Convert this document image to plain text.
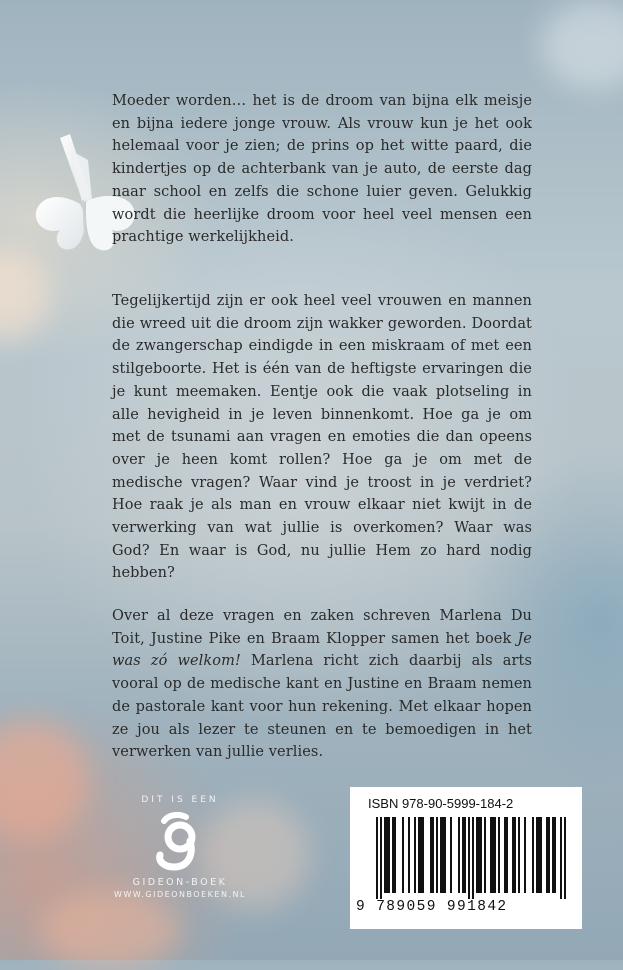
Moeder worden… het is de droom van bijna elk meisje en bijna iedere jonge vrouw. Als vrouw kun je het ook helemaal voor je zien; de prins op het witte paard, die kindertjes op de achterbank van je auto, de eerste dag naar school en zelfs die schone luier geven. Gelukkig wordt die heerlijke droom voor heel veel mensen een prachtige werkelijkheid.

Tegelijkertijd zijn er ook heel veel vrouwen en mannen die wreed uit die droom zijn wakker geworden. Doordat de zwangerschap eindigde in een miskraam of met een stilgeboorte. Het is één van de heftigste ervaringen die je kunt meemaken. Eentje ook die vaak plotseling in alle hevigheid in je leven binnenkomt. Hoe ga je om met de tsunami aan vragen en emoties die dan opeens over je heen komt rollen? Hoe ga je om met de medische vragen? Waar vind je troost in je verdriet? Hoe raak je als man en vrouw elkaar niet kwijt in de verwerking van wat jullie is overkomen? Waar was God? En waar is God, nu jullie Hem zo hard nodig hebben?

Over al deze vragen en zaken schreven Marlena Du Toit, Justine Pike en Braam Klopper samen het boek Je was zó welkom! Marlena richt zich daarbij als arts vooral op de medische kant en Justine en Braam nemen de pastorale kant voor hun rekening. Met elkaar hopen ze jou als lezer te steunen en te bemoedigen in het verwerken van jullie verlies.

DIT IS EEN
GIDEON-BOEK
WWW.GIDEONBOEKEN.NL
ISBN 978-90-5999-184-2
9 789059 991842
